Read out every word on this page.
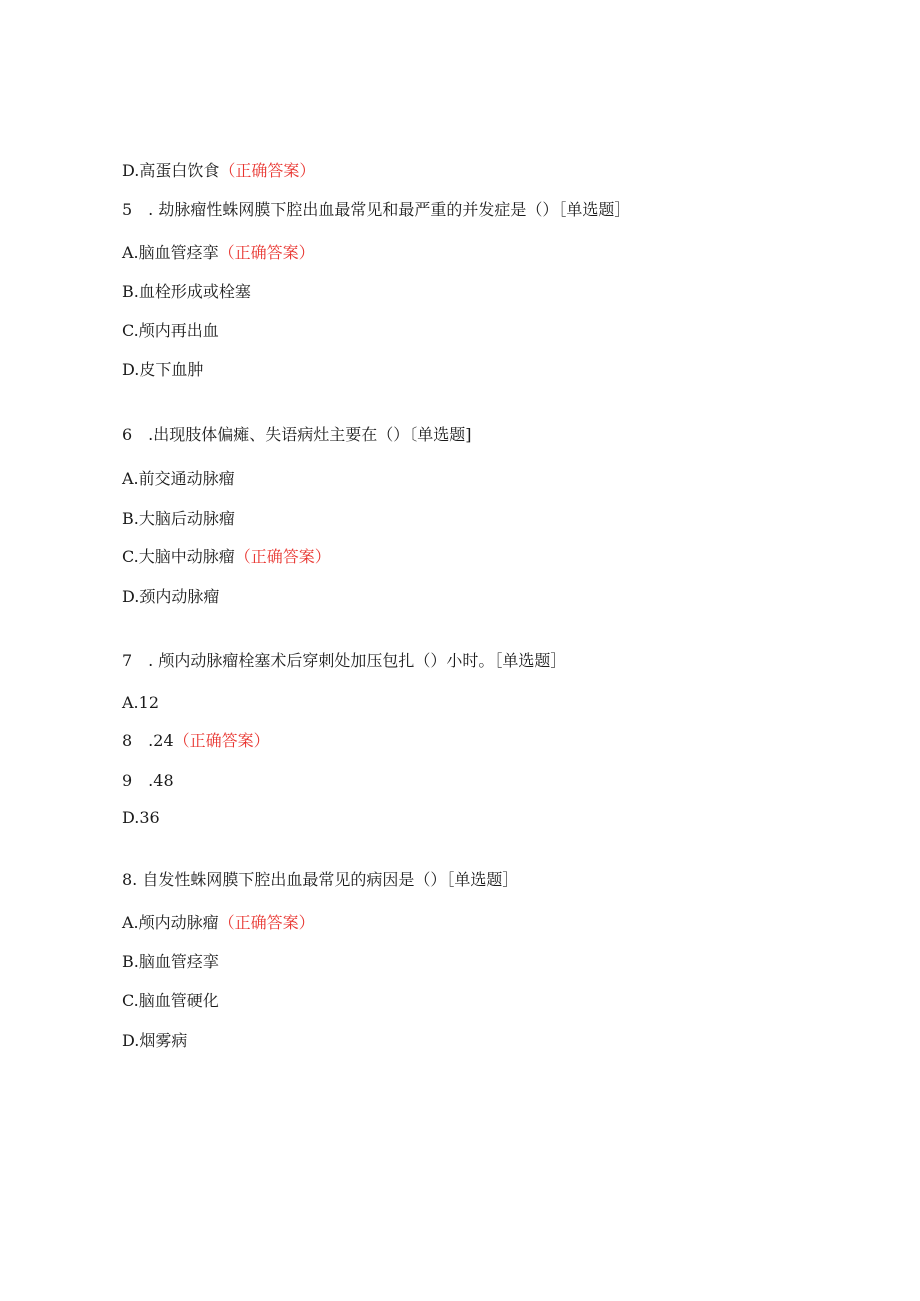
D.高蛋白饮食（正确答案）
5　. 劫脉瘤性蛛网膜下腔出血最常见和最严重的并发症是（）［单选题］
A.脑血管痉挛（正确答案）
B.血栓形成或栓塞
C.颅内再出血
D.皮下血肿
6　.出现肢体偏瘫、失语病灶主要在（）〔单选题]
A.前交通动脉瘤
B.大脑后动脉瘤
C.大脑中动脉瘤（正确答案）
D.颈内动脉瘤
7　. 颅内动脉瘤栓塞术后穿刺处加压包扎（）小时。［单选题］
A.12
8　.24（正确答案）
9　.48
D.36
8. 自发性蛛网膜下腔出血最常见的病因是（）［单选题］
A.颅内动脉瘤（正确答案）
B.脑血管痉挛
C.脑血管硬化
D.烟雾病
